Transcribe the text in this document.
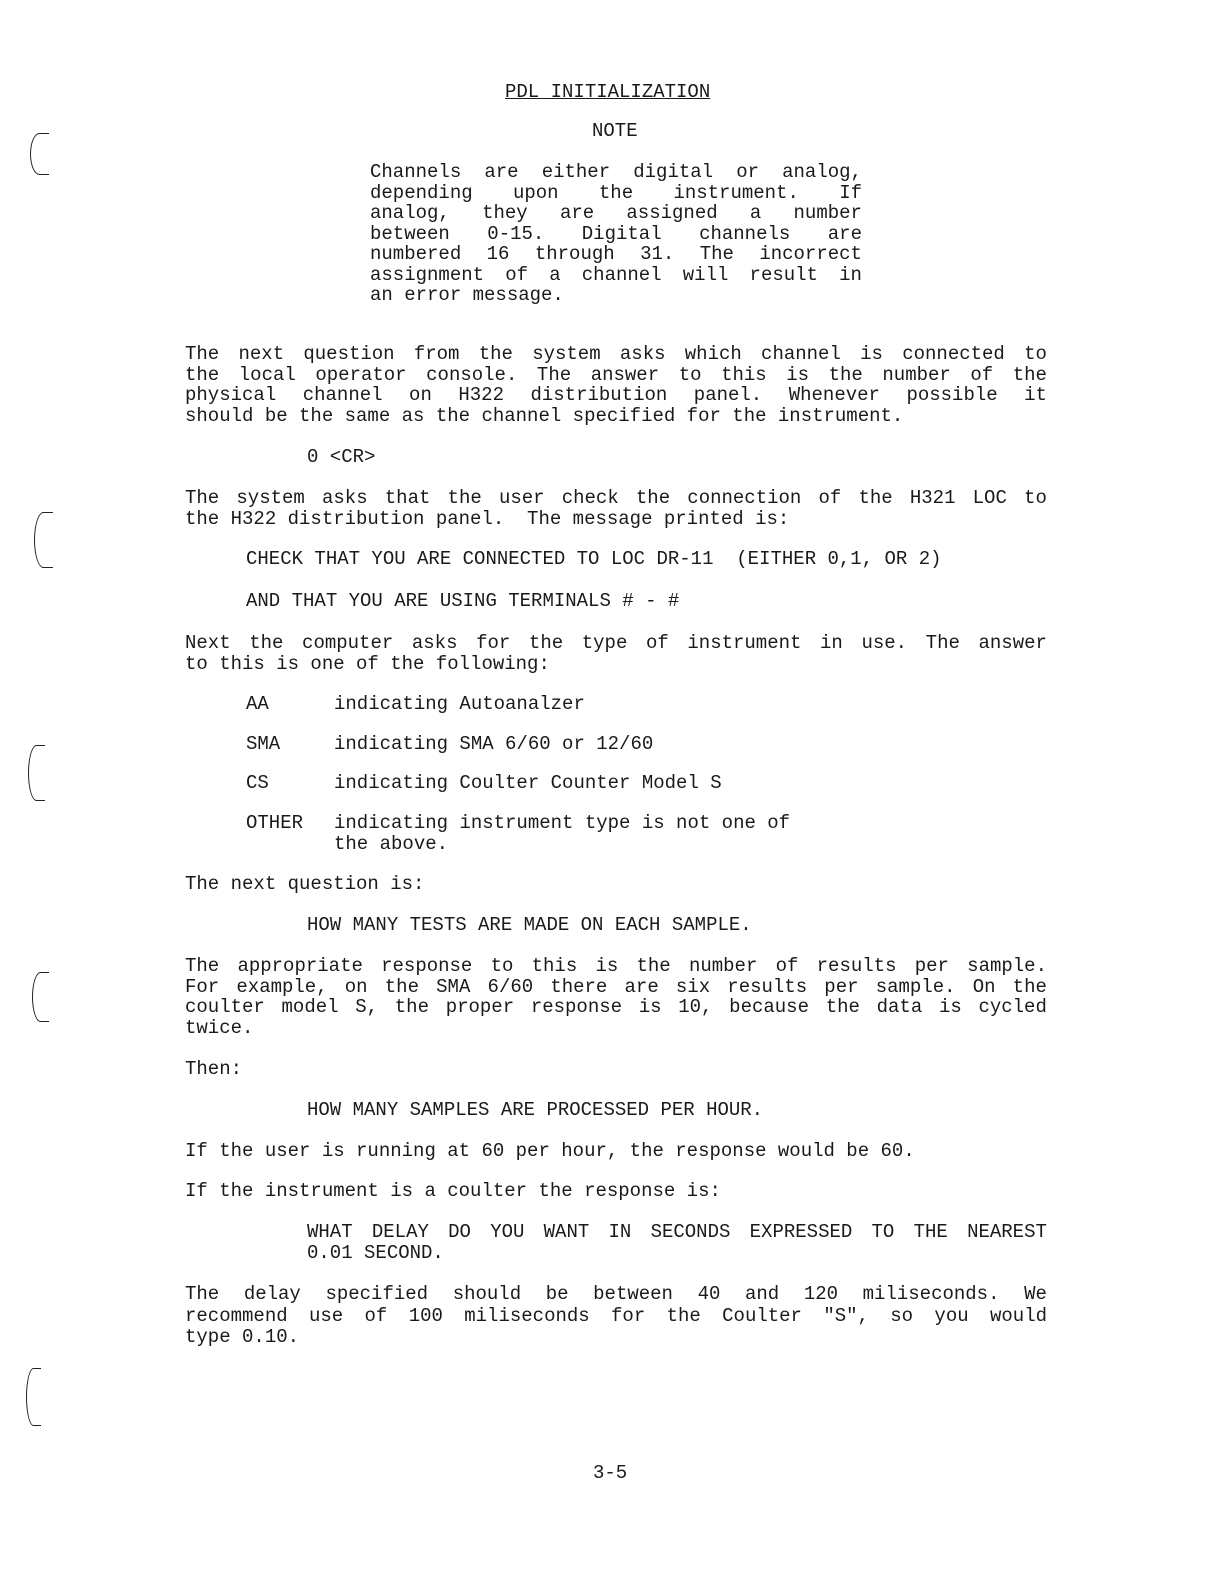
PDL INITIALIZATION
NOTE
Channels are either digital or analog,
depending upon the instrument. If
analog, they are assigned a number
between 0-15. Digital channels are
numbered 16 through 31. The incorrect
assignment of a channel will result in
an error message.
The next question from the system asks which channel is connected to
the local operator console. The answer to this is the number of the
physical channel on H322 distribution panel. Whenever possible it
should be the same as the channel specified for the instrument.
0 <CR>
The system asks that the user check the connection of the H321 LOC to
the H322 distribution panel.  The message printed is:
CHECK THAT YOU ARE CONNECTED TO LOC DR-11  (EITHER 0,1, OR 2)
AND THAT YOU ARE USING TERMINALS # - #
Next the computer asks for the type of instrument in use. The answer
to this is one of the following:
AA	indicating Autoanalzer
SMA	indicating SMA 6/60 or 12/60
CS	indicating Coulter Counter Model S
OTHER	indicating instrument type is not one of
the above.
The next question is:
HOW MANY TESTS ARE MADE ON EACH SAMPLE.
The appropriate response to this is the number of results per sample.
For example, on the SMA 6/60 there are six results per sample. On the
coulter model S, the proper response is 10, because the data is cycled
twice.
Then:
HOW MANY SAMPLES ARE PROCESSED PER HOUR.
If the user is running at 60 per hour, the response would be 60.
If the instrument is a coulter the response is:
WHAT DELAY DO YOU WANT IN SECONDS EXPRESSED TO THE NEAREST
0.01 SECOND.
The delay specified should be between 40 and 120 miliseconds. We
recommend use of 100 miliseconds for the Coulter "S", so you would
type 0.10.
3-5
